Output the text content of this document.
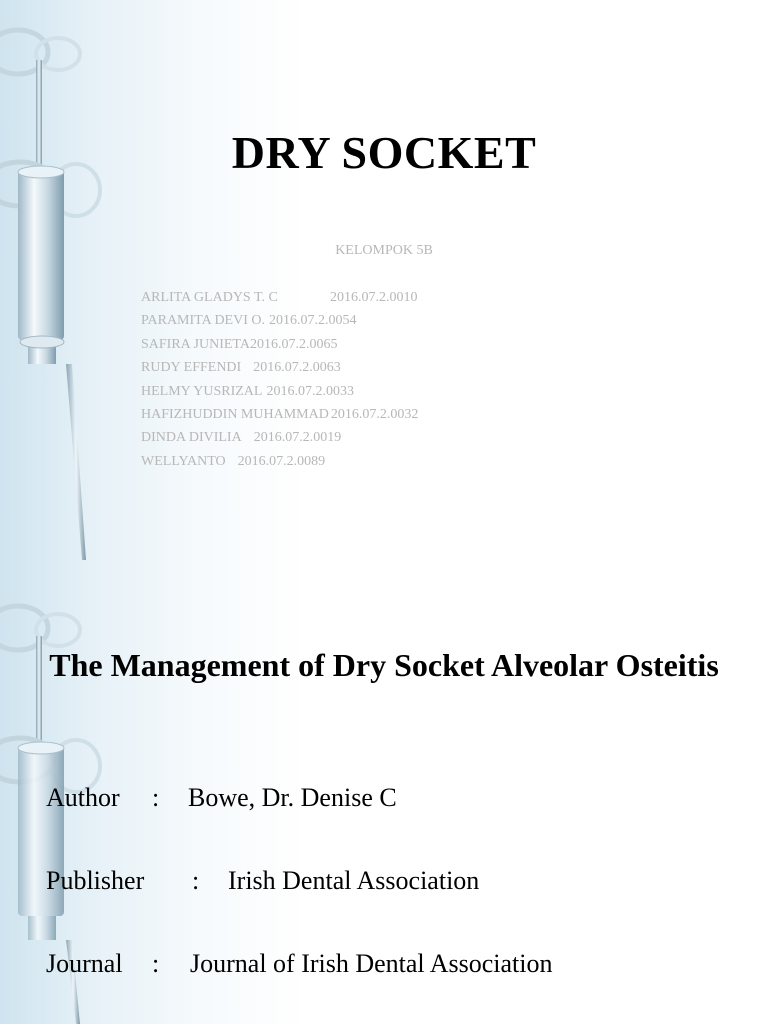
DRY SOCKET
KELOMPOK 5B
ARLITA GLADYS T. C	2016.07.2.0010
PARAMITA DEVI O. 2016.07.2.0054
SAFIRA JUNIETA2016.07.2.0065
RUDY EFFENDI 2016.07.2.0063
HELMY YUSRIZAL 2016.07.2.0033
HAFIZHUDDIN MUHAMMAD 2016.07.2.0032
DINDA DIVILIA 2016.07.2.0019
WELLYANTO 2016.07.2.0089
The Management of Dry Socket Alveolar Osteitis
Author : Bowe, Dr. Denise C
Publisher : Irish Dental Association
Journal : Journal of Irish Dental Association
